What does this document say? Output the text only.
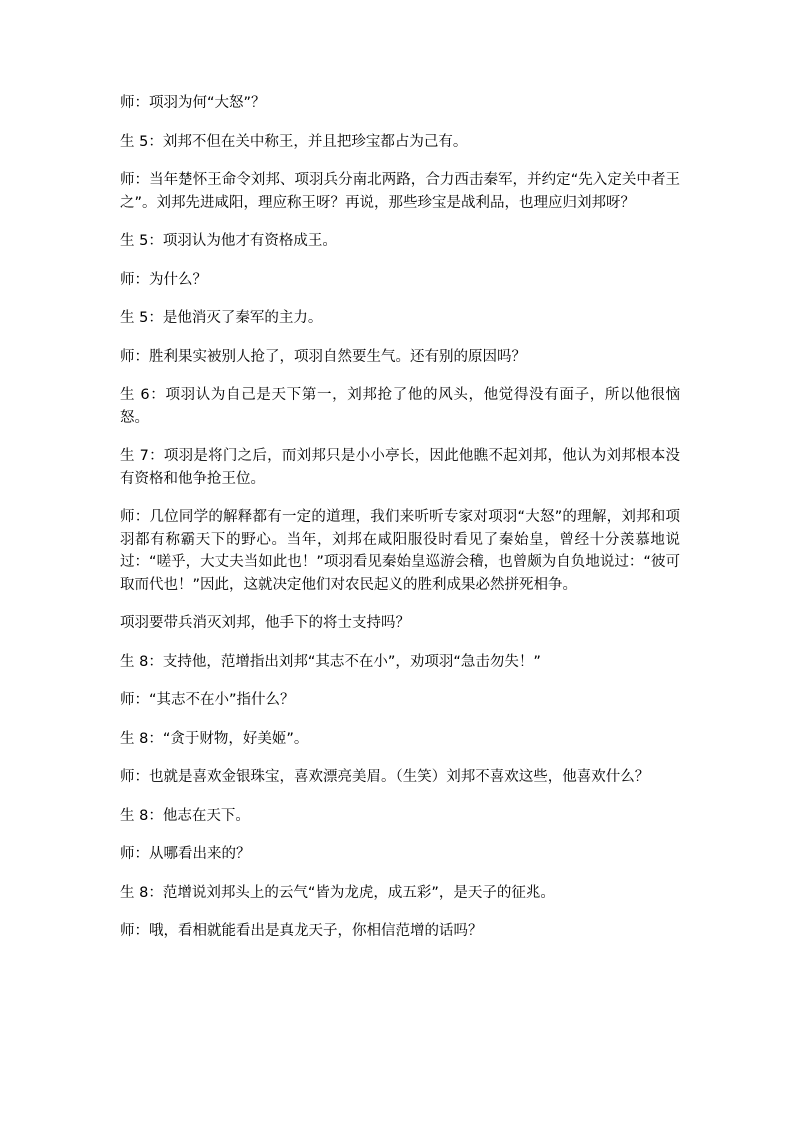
师：项羽为何“大怒”？

生 5：刘邦不但在关中称王，并且把珍宝都占为己有。

师：当年楚怀王命令刘邦、项羽兵分南北两路，合力西击秦军，并约定“先入定关中者王之”。刘邦先进咸阳，理应称王呀？再说，那些珍宝是战利品，也理应归刘邦呀？

生 5：项羽认为他才有资格成王。

师：为什么？

生 5：是他消灭了秦军的主力。

师：胜利果实被别人抢了，项羽自然要生气。还有别的原因吗？

生 6：项羽认为自己是天下第一，刘邦抢了他的风头，他觉得没有面子，所以他很恼怒。

生 7：项羽是将门之后，而刘邦只是小小亭长，因此他瞧不起刘邦，他认为刘邦根本没有资格和他争抢王位。

师：几位同学的解释都有一定的道理，我们来听听专家对项羽“大怒”的理解，刘邦和项羽都有称霸天下的野心。当年，刘邦在咸阳服役时看见了秦始皇，曾经十分羡慕地说过：“嗟乎，大丈夫当如此也！”项羽看见秦始皇巡游会稽，也曾颇为自负地说过：“彼可取而代也！”因此，这就决定他们对农民起义的胜利成果必然拼死相争。

项羽要带兵消灭刘邦，他手下的将士支持吗？

生 8：支持他，范增指出刘邦“其志不在小”，劝项羽“急击勿失！”

师：“其志不在小”指什么？

生 8：“贪于财物，好美姬”。

师：也就是喜欢金银珠宝，喜欢漂亮美眉。（生笑）刘邦不喜欢这些，他喜欢什么？

生 8：他志在天下。

师：从哪看出来的？

生 8：范增说刘邦头上的云气“皆为龙虎，成五彩”，是天子的征兆。

师：哦，看相就能看出是真龙天子，你相信范增的话吗？
